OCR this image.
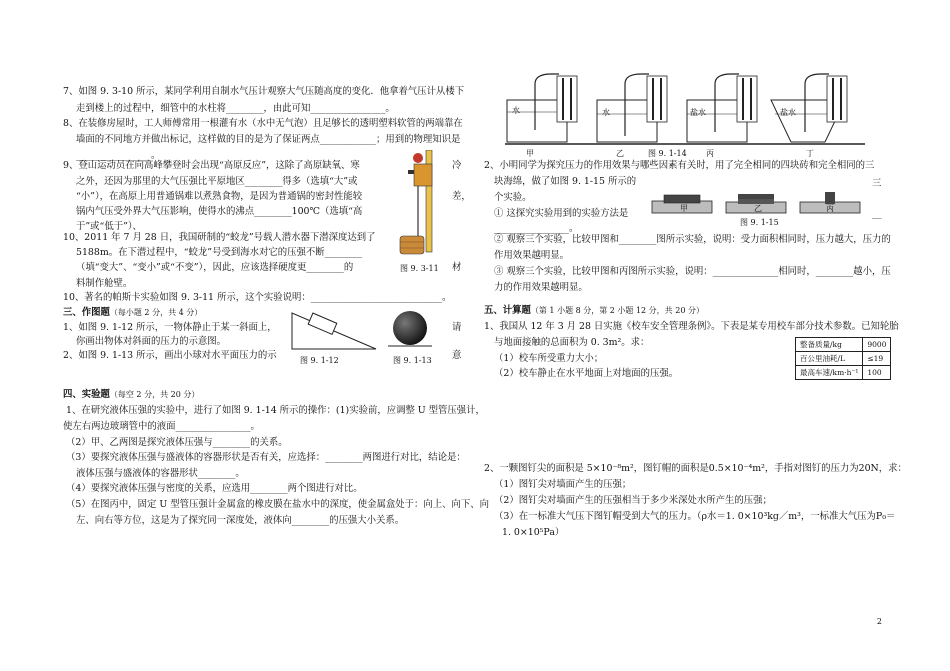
7、如图 9. 3-10 所示，某同学利用自制水气压计观察大气压随高度的变化．他拿着气压计从楼下
走到楼上的过程中，细管中的水柱将________，由此可知________________。
8、在装修房屋时，工人师傅常用一根灌有水（水中无气泡）且足够长的透明塑料软管的两端靠在
墙面的不同地方并做出标记，这样做的目的是为了保证两点____________；用到的物理知识是
________________。
9、登山运动员在向高峰攀登时会出现“高原反应”，这除了高原缺氧、寒
之外，还因为那里的大气压强比平原地区________得多（选填“大”或
“小”），在高原上用普通锅难以煮熟食物，是因为普通锅的密封性能较
锅内气压受外界大气压影响，使得水的沸点________100℃（选填“高
于”或“低于”）、
冷
差，
10、2011 年 7 月 28 日，我国研制的“蛟龙”号载人潜水器下潜深度达到了
5188m。在下潜过程中，“蛟龙”号受到海水对它的压强不断________
（填“变大”、“变小”或“不变”），因此，应该选择硬度更________的
料制作舱壁。
图 9. 3-11 材
10、著名的帕斯卡实验如图 9. 3-11 所示，这个实验说明：____________________________。
三、作图题（每小题 2 分，共 4 分）
1、如图 9. 1-12 所示，一物体静止于某一斜面上，
你画出物体对斜面的压力的示意图。
请
2、如图 9. 1-13 所示，画出小球对水平面压力的示	意
图 9. 1-12	图 9. 1-13
四、实验题（每空 2 分，共 20 分）
1、在研究液体压强的实验中，进行了如图 9. 1-14 所示的操作：(1)实验前，应调整 U 型管压强计，
使左右两边玻璃管中的液面________________。
（2）甲、乙两图是探究液体压强与________的关系。
（3）要探究液体压强与盛液体的容器形状是否有关，应选择：________两图进行对比，结论是：
液体压强与盛液体的容器形状________。
（4）要探究液体压强与密度的关系，应选用________两个图进行对比。
（5）在图丙中，固定 U 型管压强计金属盒的橡皮膜在盐水中的深度，使金属盒处于：向上、向下、向
左、向右等方位，这是为了探究同一深度处，液体向________的压强大小关系。
水	水	盐水	盐水
甲	乙	丙	丁
图 9. 1-14
2、小明同学为探究压力的作用效果与哪些因素有关时，用了完全相同的四块砖和完全相同的三
三
块海绵，做了如图 9. 1-15 所示的
个实验。
① 这探究实验用到的实验方法是	__
________________。
甲	乙	丙
图 9. 1-15
② 观察三个实验，比较甲图和________图所示实验，说明：受力面积相同时，压力越大，压力的
作用效果越明显。
③ 观察三个实验，比较甲图和丙图所示实验，说明：______________相同时，________越小，压
力的作用效果越明显。
五、计算题（第 1 小题 8 分，第 2 小题 12 分，共 20 分）
1、我国从 12 年 3 月 28 日实施《校车安全管理条例》。下表是某专用校车部分技术参数。已知轮胎
与地面接触的总面积为 0. 3m²。求：
（1）校车所受重力大小；
（2）校车静止在水平地面上对地面的压强。
整备质量/kg	9000
百公里油耗/L	≤19
最高车速/km·h⁻¹	100
2、一颗图钉尖的面积是 5×10⁻⁸m²，图钉帽的面积是0.5×10⁻⁴m²，手指对图钉的压力为20N，求：
（1）图钉尖对墙面产生的压强；
（2）图钉尖对墙面产生的压强相当于多少米深处水所产生的压强；
（3）在一标准大气压下图钉帽受到大气的压力。（ρ水＝1. 0×10³kg／m³，一标准大气压为P₀＝
1. 0×10⁵Pa）
2
